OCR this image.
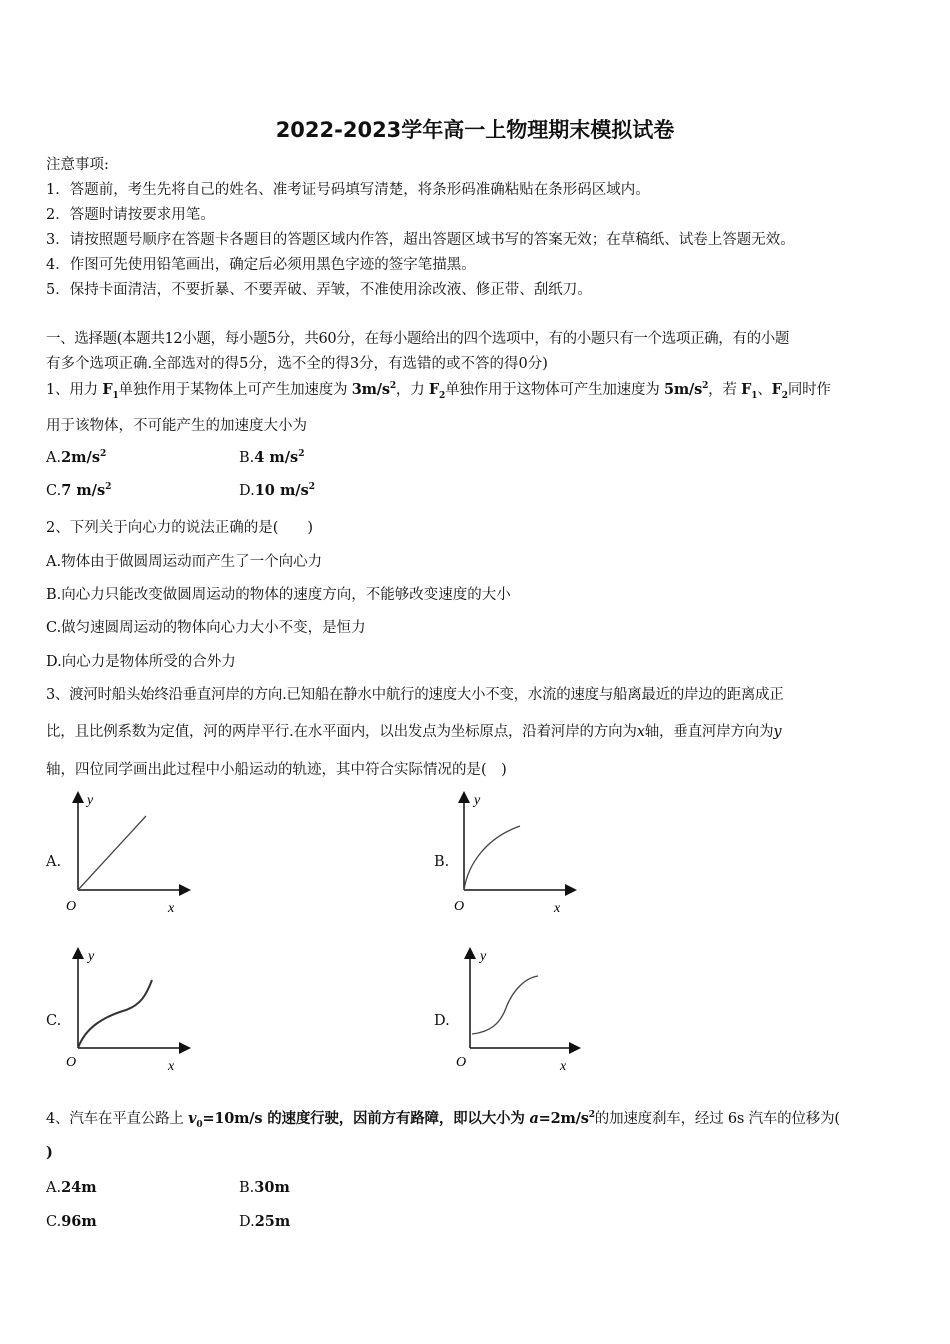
2022-2023学年高一上物理期末模拟试卷
注意事项:
1．答题前，考生先将自己的姓名、准考证号码填写清楚，将条形码准确粘贴在条形码区域内。
2．答题时请按要求用笔。
3．请按照题号顺序在答题卡各题目的答题区域内作答，超出答题区域书写的答案无效；在草稿纸、试卷上答题无效。
4．作图可先使用铅笔画出，确定后必须用黑色字迹的签字笔描黑。
5．保持卡面清洁，不要折暴、不要弄破、弄皱，不准使用涂改液、修正带、刮纸刀。
一、选择题(本题共12小题，每小题5分，共60分，在每小题给出的四个选项中，有的小题只有一个选项正确，有的小题
有多个选项正确.全部选对的得5分，选不全的得3分，有选错的或不答的得0分)
1、用力 $F_1$单独作用于某物体上可产生加速度为 $3m/s^2$，力 $F_2$单独作用于这物体可产生加速度为 $5m/s^2$，若 $F_1$、$F_2$同时作
用于该物体，不可能产生的加速度大小为
$A.2m/s^2$	B.4 $m/s^2$
C.7 $m/s^2$	D.10 $m/s^2$
2、下列关于向心力的说法正确的是(　　)
A.物体由于做圆周运动而产生了一个向心力
B.向心力只能改变做圆周运动的物体的速度方向，不能够改变速度的大小
C.做匀速圆周运动的物体向心力大小不变，是恒力
D.向心力是物体所受的合外力
3、渡河时船头始终沿垂直河岸的方向.已知船在静水中航行的速度大小不变，水流的速度与船离最近的岸边的距离成正
比，且比例系数为定值，河的两岸平行.在水平面内，以出发点为坐标原点，沿着河岸的方向为x轴，垂直河岸方向为y
轴，四位同学画出此过程中小船运动的轨迹，其中符合实际情况的是(　)
A.	B.
C.	D.
y
O	x
y
O	x
y
O	x
y
O	x
4、汽车在平直公路上 $v_0=10m/s$ 的速度行驶，因前方有路障，即以大小为 $a=2m/s^2$的加速度刹车，经过 6s 汽车的位移为(
)
A.24m	B.30m
C.96m	D.25m
